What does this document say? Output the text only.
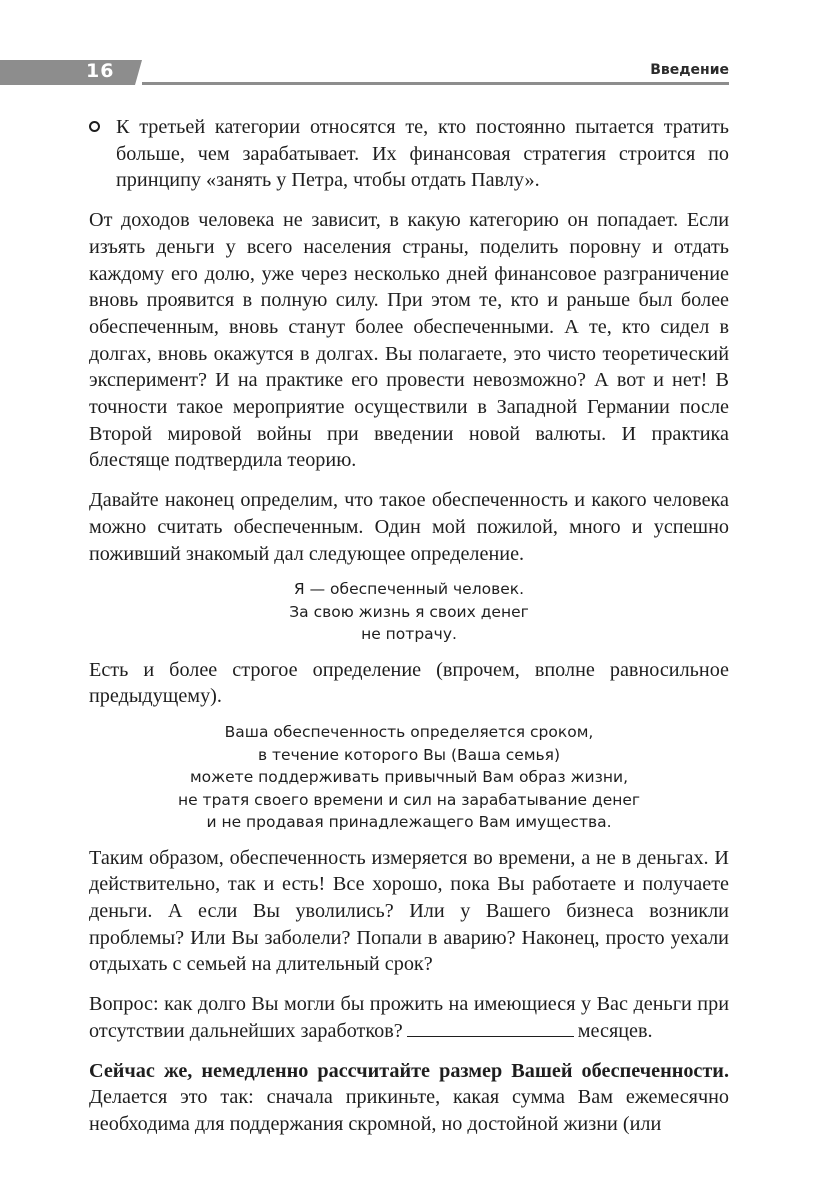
16	Введение
К третьей категории относятся те, кто постоянно пытается тратить больше, чем зарабатывает. Их финансовая стратегия строится по принципу «занять у Петра, чтобы отдать Павлу».

От доходов человека не зависит, в какую категорию он попадает. Если изъять деньги у всего населения страны, поделить поровну и отдать каждому его долю, уже через несколько дней финансовое разграничение вновь проявится в полную силу. При этом те, кто и раньше был более обеспеченным, вновь станут более обеспеченными. А те, кто сидел в долгах, вновь окажутся в долгах. Вы полагаете, это чисто теоретический эксперимент? И на практике его провести невозможно? А вот и нет! В точности такое мероприятие осуществили в Западной Германии после Второй мировой войны при введении новой валюты. И практика блестяще подтвердила теорию.

Давайте наконец определим, что такое обеспеченность и какого человека можно считать обеспеченным. Один мой пожилой, много и успешно поживший знакомый дал следующее определение.

Я — обеспеченный человек.
За свою жизнь я своих денег
не потрачу.

Есть и более строгое определение (впрочем, вполне равносильное предыдущему).

Ваша обеспеченность определяется сроком,
в течение которого Вы (Ваша семья)
можете поддерживать привычный Вам образ жизни,
не тратя своего времени и сил на зарабатывание денег
и не продавая принадлежащего Вам имущества.

Таким образом, обеспеченность измеряется во времени, а не в деньгах. И действительно, так и есть! Все хорошо, пока Вы работаете и получаете деньги. А если Вы уволились? Или у Вашего бизнеса возникли проблемы? Или Вы заболели? Попали в аварию? Наконец, просто уехали отдыхать с семьей на длительный срок?

Вопрос: как долго Вы могли бы прожить на имеющиеся у Вас деньги при отсутствии дальнейших заработков?	месяцев.

Сейчас же, немедленно рассчитайте размер Вашей обеспеченности. Делается это так: сначала прикиньте, какая сумма Вам ежемесячно необходима для поддержания скромной, но достойной жизни (или
